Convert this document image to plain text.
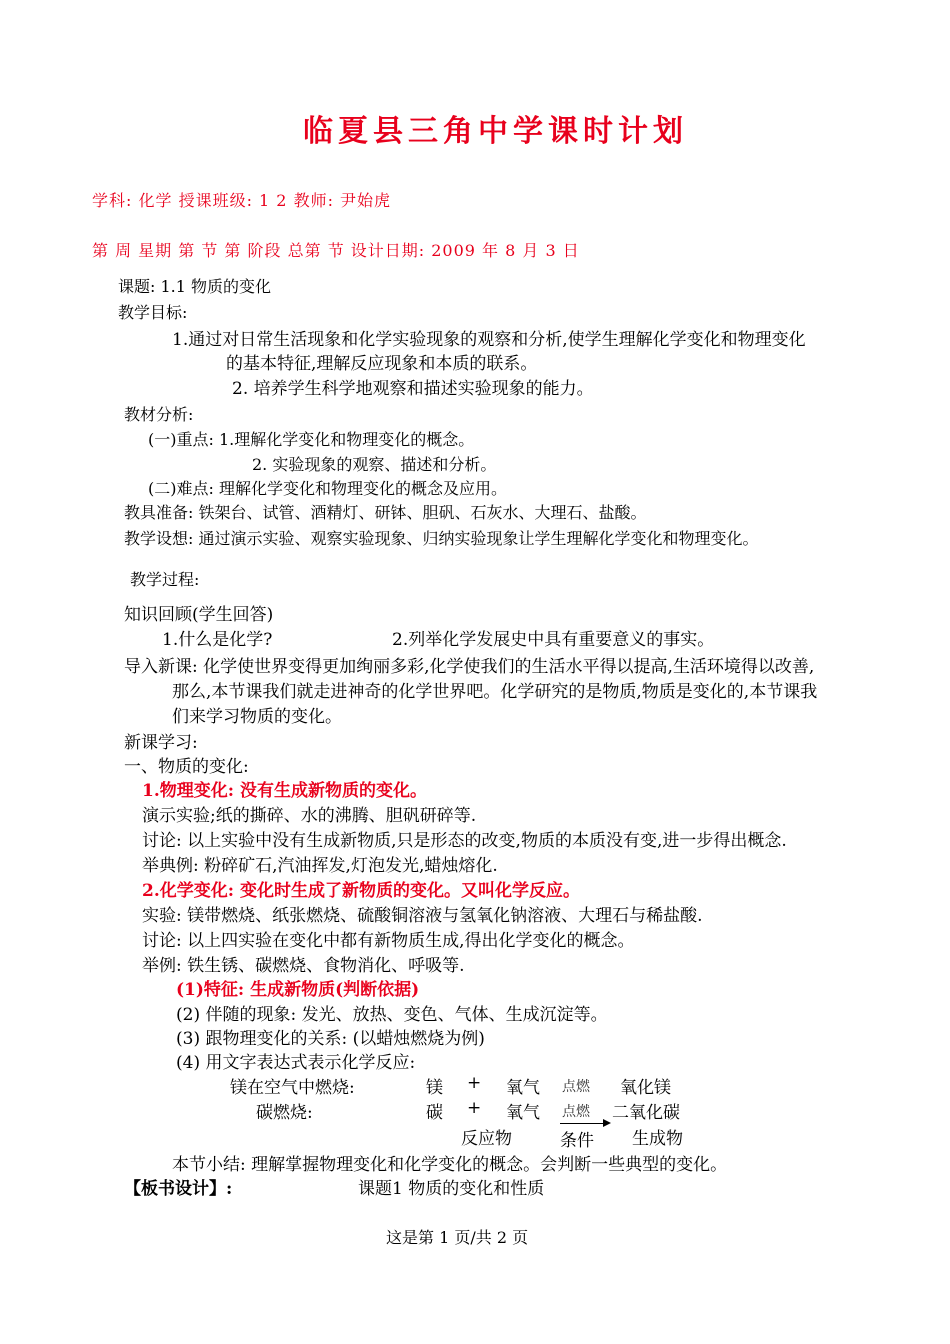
临夏县三角中学课时计划
学科: 化学 授课班级: 1 2 教师: 尹始虎
第 周 星期 第 节 第 阶段 总第 节 设计日期: 2009 年 8 月 3 日
课题: 1.1 物质的变化
教学目标:
1.通过对日常生活现象和化学实验现象的观察和分析,使学生理解化学变化和物理变化
的基本特征,理解反应现象和本质的联系。
2. 培养学生科学地观察和描述实验现象的能力。
教材分析:
(一)重点: 1.理解化学变化和物理变化的概念。
2. 实验现象的观察、描述和分析。
(二)难点: 理解化学变化和物理变化的概念及应用。
教具准备: 铁架台、试管、酒精灯、研钵、胆矾、石灰水、大理石、盐酸。
教学设想: 通过演示实验、观察实验现象、归纳实验现象让学生理解化学变化和物理变化。
教学过程:
知识回顾(学生回答)
1.什么是化学?	2.列举化学发展史中具有重要意义的事实。
导入新课: 化学使世界变得更加绚丽多彩,化学使我们的生活水平得以提高,生活环境得以改善,
那么,本节课我们就走进神奇的化学世界吧。化学研究的是物质,物质是变化的,本节课我
们来学习物质的变化。
新课学习:
一、物质的变化:
1.物理变化: 没有生成新物质的变化。
演示实验;纸的撕碎、水的沸腾、胆矾研碎等.
讨论: 以上实验中没有生成新物质,只是形态的改变,物质的本质没有变,进一步得出概念.
举典例: 粉碎矿石,汽油挥发,灯泡发光,蜡烛熔化.
2.化学变化: 变化时生成了新物质的变化。又叫化学反应。
实验: 镁带燃烧、纸张燃烧、硫酸铜溶液与氢氧化钠溶液、大理石与稀盐酸.
讨论: 以上四实验在变化中都有新物质生成,得出化学变化的概念。
举例: 铁生锈、碳燃烧、食物消化、呼吸等.
(1)特征: 生成新物质(判断依据)
(2) 伴随的现象: 发光、放热、变色、气体、生成沉淀等。
(3) 跟物理变化的关系: (以蜡烛燃烧为例)
(4) 用文字表达式表示化学反应:
镁在空气中燃烧:	镁 + 氧气 点燃 氧化镁
碳燃烧:	碳 + 氧气 点燃 二氧化碳
反应物	条件 生成物
本节小结: 理解掌握物理变化和化学变化的概念。会判断一些典型的变化。
【板书设计】:	课题1 物质的变化和性质
这是第 1 页/共 2 页
